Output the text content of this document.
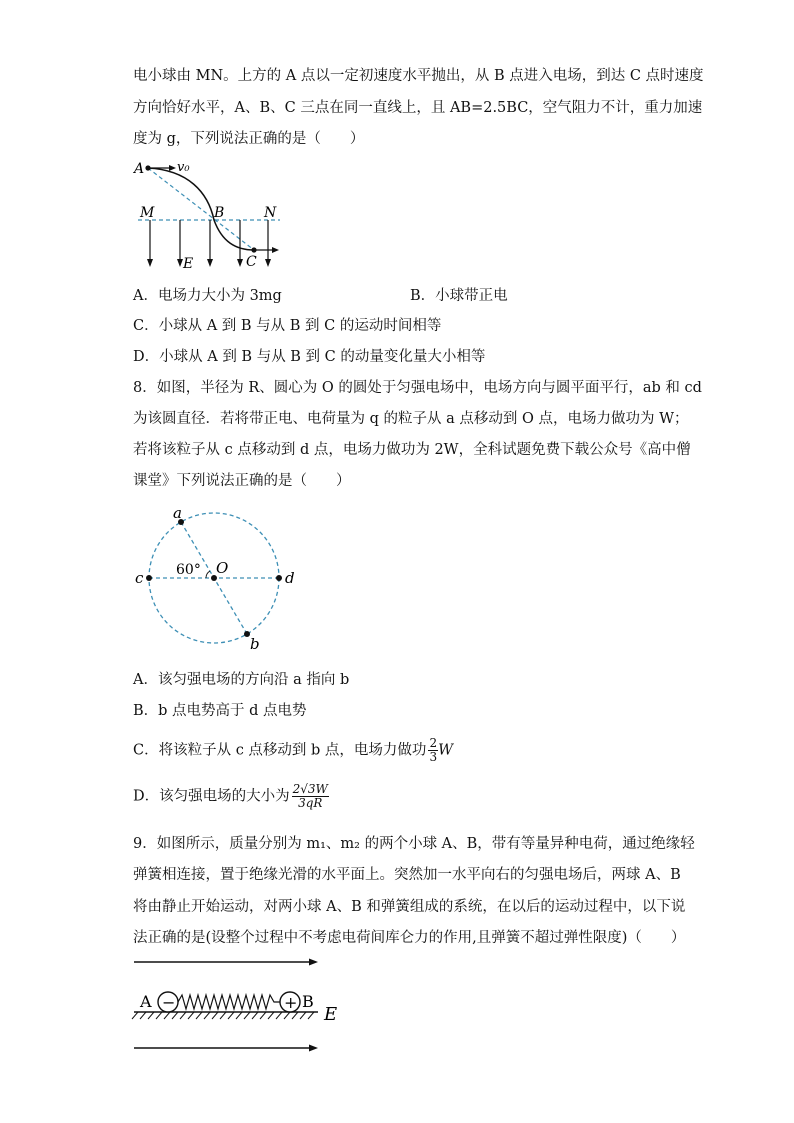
电小球由 MN。上方的 A 点以一定初速度水平抛出，从 B 点进入电场，到达 C 点时速度
方向恰好水平，A、B、C 三点在同一直线上，且 AB=2.5BC，空气阻力不计，重力加速
度为 g，下列说法正确的是（　　）
A	v₀
M	B	N
E	C
A．电场力大小为 3mg	B．小球带正电
C．小球从 A 到 B 与从 B 到 C 的运动时间相等
D．小球从 A 到 B 与从 B 到 C 的动量变化量大小相等
8．如图，半径为 R、圆心为 O 的圆处于匀强电场中，电场方向与圆平面平行，ab 和 cd
为该圆直径．若将带正电、电荷量为 q 的粒子从 a 点移动到 O 点，电场力做功为 W；
若将该粒子从 c 点移动到 d 点，电场力做功为 2W，全科试题免费下载公众号《高中僧
课堂》下列说法正确的是（　　）
a
b
c	d
O
60°
A．该匀强电场的方向沿 a 指向 b
B．b 点电势高于 d 点电势
C．将该粒子从 c 点移动到 b 点，电场力做功 $\frac{2}{3}$ W
D．该匀强电场的大小为 $\frac{2√3W}{3qR}$
9．如图所示，质量分别为 m₁、m₂ 的两个小球 A、B，带有等量异种电荷，通过绝缘轻
弹簧相连接，置于绝缘光滑的水平面上。突然加一水平向右的匀强电场后，两球 A、B
将由静止开始运动，对两小球 A、B 和弹簧组成的系统，在以后的运动过程中，以下说
法正确的是(设整个过程中不考虑电荷间库仑力的作用,且弹簧不超过弹性限度)（　　）
−	+
A	B
E
